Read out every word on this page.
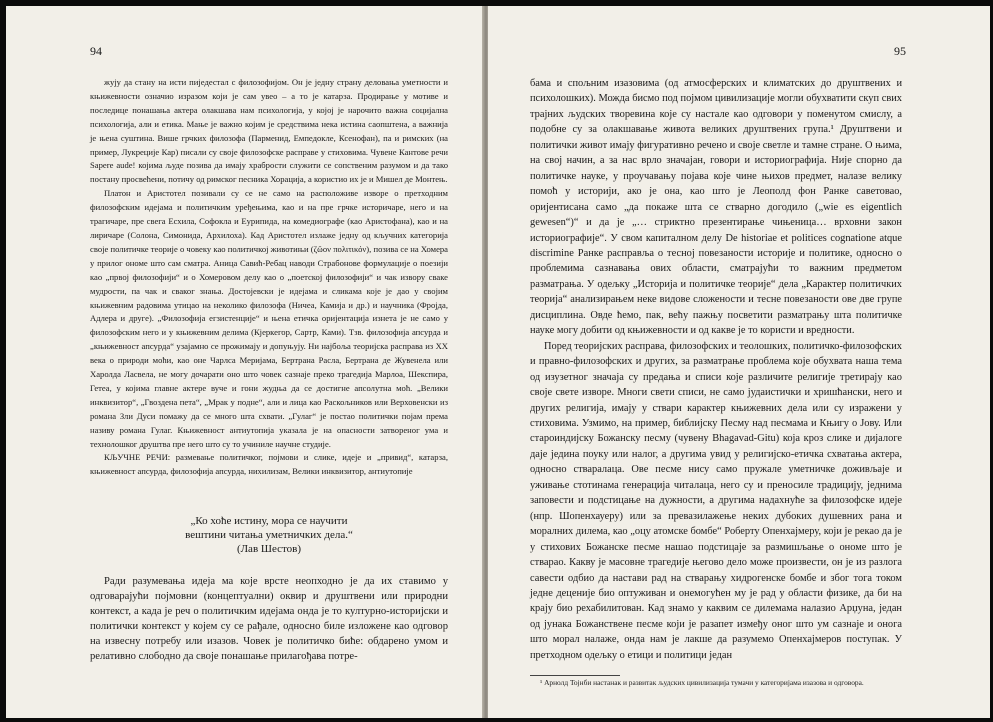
94

жују да стану на исти пиједестал с филозофијом. Он је једну страну деловања уметности и књижевности означио изразом који је сам увео – а то је катарза. Продирање у мотиве и последице понашања актера олакшава нам психологија, у којој је нарочито важна социјална психологија, али и етика. Мање је важно којим је средствима нека истина саопштена, а важнија је њена суштина. Више грчких филозофа (Парменид, Емпедокле, Ксенофан), па и римских (на пример, Лукреције Кар) писали су своје филозофске расправе у стиховима. Чувене Кантове речи Sapere aude! којима људе позива да имају храбрости служити се сопственим разумом и да тако постану просвећени, потичу од римског песника Хорација, а користио их је и Мишел де Монтењ.

Платон и Аристотел позивали су се не само на расположиве изворе о претходним филозофским идејама и политичким уређењима, као и на пре грчке историчаре, него и на трагичаре, пре свега Есхила, Софокла и Еурипида, на комедиографе (као Аристофана), као и на лиричаре (Солона, Симонида, Архилоха). Кад Аристотел излаже једну од кључних категорија своје политичке теорије о човеку као политичкој животињи (ζῶον πολιτικόν), позива се на Хомера у прилог ономе што сам сматра. Аница Савић-Ребац наводи Страбонове формулације о поезији као „првој филозофији“ и о Хомеровом делу као о „поетској филозофији“ и чак извору сваке мудрости, па чак и сваког знања. Достојевски је идејама и сликама које је дао у својим књижевним радовима утицао на неколико филозофа (Ничеа, Камија и др.) и научника (Фројда, Адлера и друге). „Филозофија егзистенције“ и њена етичка оријентација изнета је не само у филозофским него и у књижевним делима (Кјеркегор, Сартр, Ками). Тзв. филозофија апсурда и „књижевност апсурда“ узајамно се прожимају и допуњују. Ни најбоља теоријска расправа из XX века о природи моћи, као оне Чарлса Меријама, Бертрана Расла, Бертрана де Жувенела или Харолда Ласвела, не могу дочарати оно што човек сазнаје преко трагедија Марлоа, Шекспира, Гетеа, у којима главне актере вуче и гони жудња да се достигне апсолутна моћ. „Велики инквизитор“, „Гвоздена пета“, „Мрак у подне“, али и лица као Раскољников или Верховенски из романа Зли Дуси помажу да се много шта схвати. „Гулаг“ је постао политички појам према називу романа Гулаг. Књижевност антиутопија указала је на опасности затвореног ума и технолошког друштва пре него што су то учиниле научне студије.

КЉУЧНЕ РЕЧИ: размевање политичког, појмови и слике, идеје и „привид“, катарза, књижевност апсурда, филозофија апсурда, нихилизам, Велики инквизитор, антиутопије

„Ко хоће истину, мора се научити
вештини читања уметничких дела.“
(Лав Шестов)

Ради разумевања идеја ма које врсте неопходно је да их ставимо у одговарајући појмовни (концептуални) оквир и друштвени или природни контекст, а када је реч о политичким идејама онда је то културно-историјски и политички контекст у којем су се рађале, односно биле изложене као одговор на извесну потребу или изазов. Човек је политичко биће: обдарено умом и релативно слободно да своје понашање прилагођава потре-

95

бама и спољним изазовима (од атмосферских и климатских до друштвених и психолошких). Можда бисмо под појмом цивилизације могли обухватити скуп свих трајних људских творевина које су настале као одговори у поменутом смислу, а подобне су за олакшавање живота великих друштвених група.¹ Друштвени и политички живот имају фигуративно речено и своје светле и тамне стране. О њима, на свој начин, а за нас врло значајан, говори и историографија. Није спорно да политичке науке, у проучавању појава које чине њихов предмет, налазе велику помоћ у историји, ако је она, као што је Леополд фон Ранке саветовао, оријентисана само „да покаже шта се стварно догодило („wie es eigentlich gewesen“)“ и да је „… стриктно презентирање чињеница… врховни закон историографије“. У свом капиталном делу De historiae et politices cognatione atque discrimine Ранке расправља о тесној повезаности историје и политике, односно о проблемима сазнавања ових области, сматрајући то важним предметом разматрања. У одељку „Историја и политичке теорије“ дела „Карактер политичких теорија“ анализирањем неке видове сложености и тесне повезаности ове две групе дисциплина. Овде ћемо, пак, већу пажњу посветити разматрању шта политичке науке могу добити од књижевности и од какве је то користи и вредности.

Поред теоријских расправа, филозофских и теолошких, политичко-филозофских и правно-филозофских и других, за разматрање проблема које обухвата наша тема од изузетног значаја су предања и списи које различите религије третирају као своје свете изворе. Многи свети списи, не само јудаистички и хришћански, него и других религија, имају у ствари карактер књижевних дела или су изражени у стиховима. Узмимо, на пример, библијску Песму над песмама и Књигу о Јову. Или староиндијску Божанску песму (чувену Bhagavad-Gitu) која кроз слике и дијалоге даје једина поуку или налог, а другима увид у религијско-етичка схватања актера, односно стваралаца. Ове песме нису само пружале уметничке доживљаје и уживање стотинама генерација читалаца, него су и преносиле традицију, једнима заповести и подстицање на дужности, а другима надахнуће за филозофске идеје (нпр. Шопенхауеру) или за превазилажење неких дубоких душевних рана и моралних дилема, као „оцу атомске бомбе“ Роберту Опенхајмеру, који је рекао да је у стихових Божанске песме нашао подстицаје за размишљање о ономе што је стварао. Какву је масовне трагедије његово дело може произвести, он је из разлога савести одбио да настави рад на стварању хидрогенске бомбе и због тога током једне деценије био оптуживан и онемогућен му је рад у области физике, да би на крају био рехабилитован. Кад знамо у каквим се дилемама налазио Арџуна, један од јунака Божанствене песме који је разапет између оног што ум сазнаје и онога што морал налаже, онда нам је лакше да разумемо Опенхајмеров поступак. У претходном одељку о етици и политици један

¹ Арнолд Тојнби настанак и развитак људских цивилизација тумачи у категоријама изазова и одговора.
